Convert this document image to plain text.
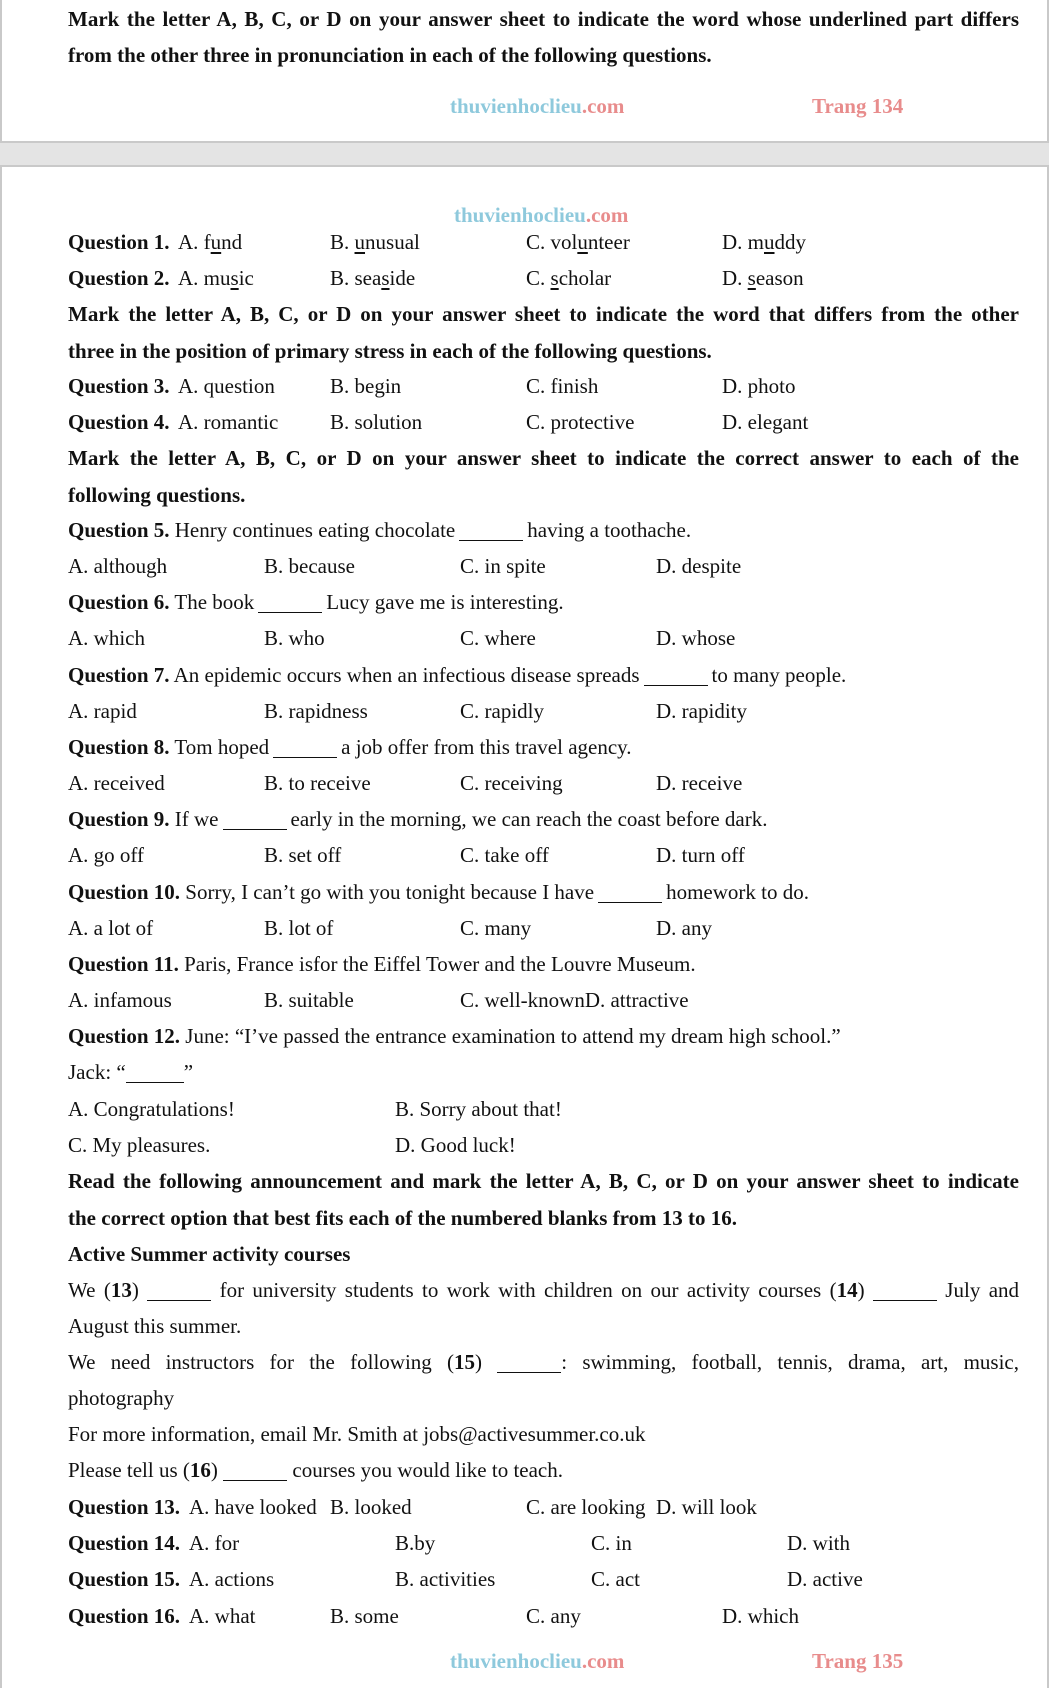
Mark the letter A, B, C, or D on your answer sheet to indicate the word whose underlined part differs
from the other three in pronunciation in each of the following questions.
thuvienhoclieu.com	Trang 134
thuvienhoclieu.com
Question 1. A. fund	B. unusual	C. volunteer	D. muddy
Question 2. A. music	B. seaside	C. scholar	D. season
Mark the letter A, B, C, or D on your answer sheet to indicate the word that differs from the other
three in the position of primary stress in each of the following questions.
Question 3. A. question	B. begin	C. finish	D. photo
Question 4. A. romantic B. solution	C. protective	D. elegant
Mark the letter A, B, C, or D on your answer sheet to indicate the correct answer to each of the
following questions.
Question 5. Henry continues eating chocolate	having a toothache.
A. although	B. because	C. in spite	D. despite
Question 6. The book	Lucy gave me is interesting.
A. which	B. who	C. where	D. whose
Question 7. An epidemic occurs when an infectious disease spreads	to many people.
A. rapid	B. rapidness	C. rapidly	D. rapidity
Question 8. Tom hoped	a job offer from this travel agency.
A. received	B. to receive	C. receiving	D. receive
Question 9. If we	early in the morning, we can reach the coast before dark.
A. go off	B. set off	C. take off	D. turn off
Question 10. Sorry, I can’t go with you tonight because I have	homework to do.
A. a lot of	B. lot of	C. many	D. any
Question 11. Paris, France isfor the Eiffel Tower and the Louvre Museum.
A. infamous	B. suitable	C. well-knownD. attractive
Question 12. June: “I’ve passed the entrance examination to attend my dream high school.”
Jack: “	”
A. Congratulations!	B. Sorry about that!
C. My pleasures.	D. Good luck!
Read the following announcement and mark the letter A, B, C, or D on your answer sheet to indicate
the correct option that best fits each of the numbered blanks from 13 to 16.
Active Summer activity courses
We (13)	for university students to work with children on our activity courses (14)	July and
August this summer.
We need instructors for the following (15)	: swimming, football, tennis, drama, art, music,
photography
For more information, email Mr. Smith at jobs@activesummer.co.uk
Please tell us (16)	courses you would like to teach.
Question 13. A. have looked B. looked	C. are looking D. will look
Question 14. A. for	B.by	C. in	D. with
Question 15. A. actions	B. activities	C. act	D. active
Question 16. A. what	B. some	C. any	D. which
thuvienhoclieu.com	Trang 135
